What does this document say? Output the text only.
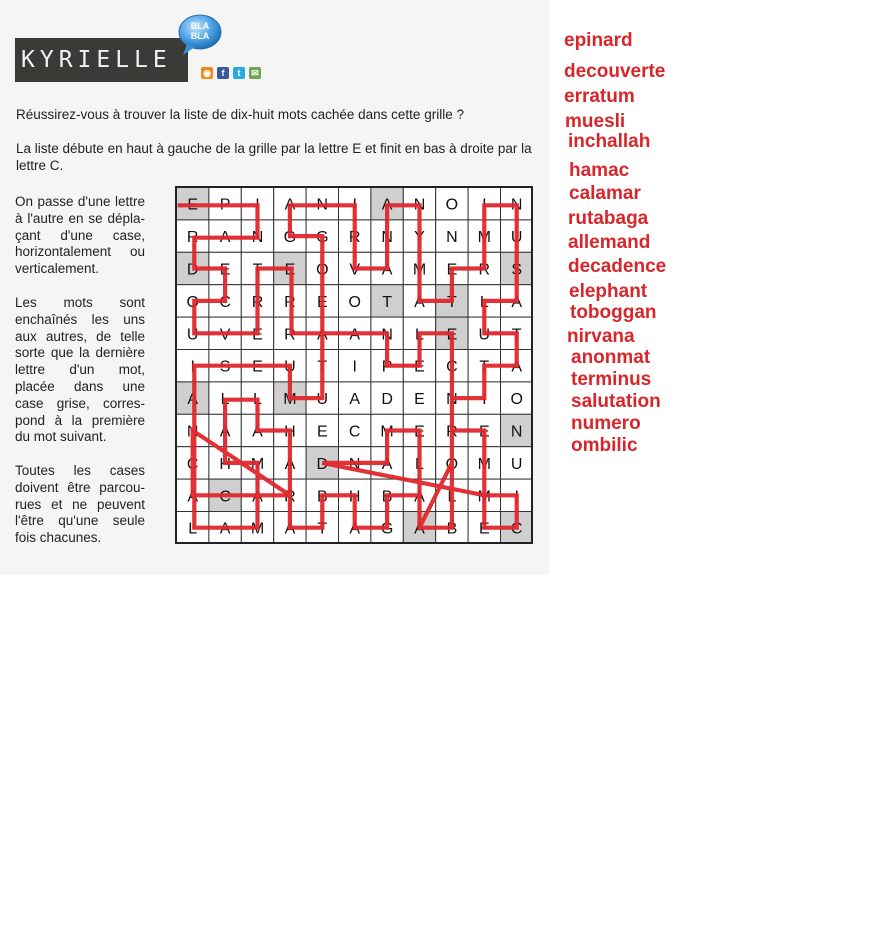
KYRIELLE
BLA
BLA
◉	f	t	✉
Réussirez-vous à trouver la liste de dix-huit mots cachée dans cette grille ?
La liste débute en haut à gauche de la grille par la lettre E et finit en bas à droite par la lettre C.
On passe d'une lettre à l'autre en se dépla-çant d'une case, horizontalement ou verticalement.
Les mots sont enchaînés les uns aux autres, de telle sorte que la dernière lettre d'un mot, placée dans une case grise, corres-pond à la première du mot suivant.
Toutes les cases doivent être parcou-rues et ne peuvent l'être qu'une seule fois chacunes.
E P I A N I A N O I N
R A N G G R N Y N M U
D E T E O V A M E R S
O C R R E O T A T L A
U V E R A A N L E U T
I S E U T I P E C T A
A L L M U A D E N I O
N A A H E C M E R E N
C H M A D N A L O M U
A C A R B H B A L M I
L A M A T A G A B E C
epinard
decouverte
erratum
muesli
inchallah
hamac
calamar
rutabaga
allemand
decadence
elephant
toboggan
nirvana
anonmat
terminus
salutation
numero
ombilic
